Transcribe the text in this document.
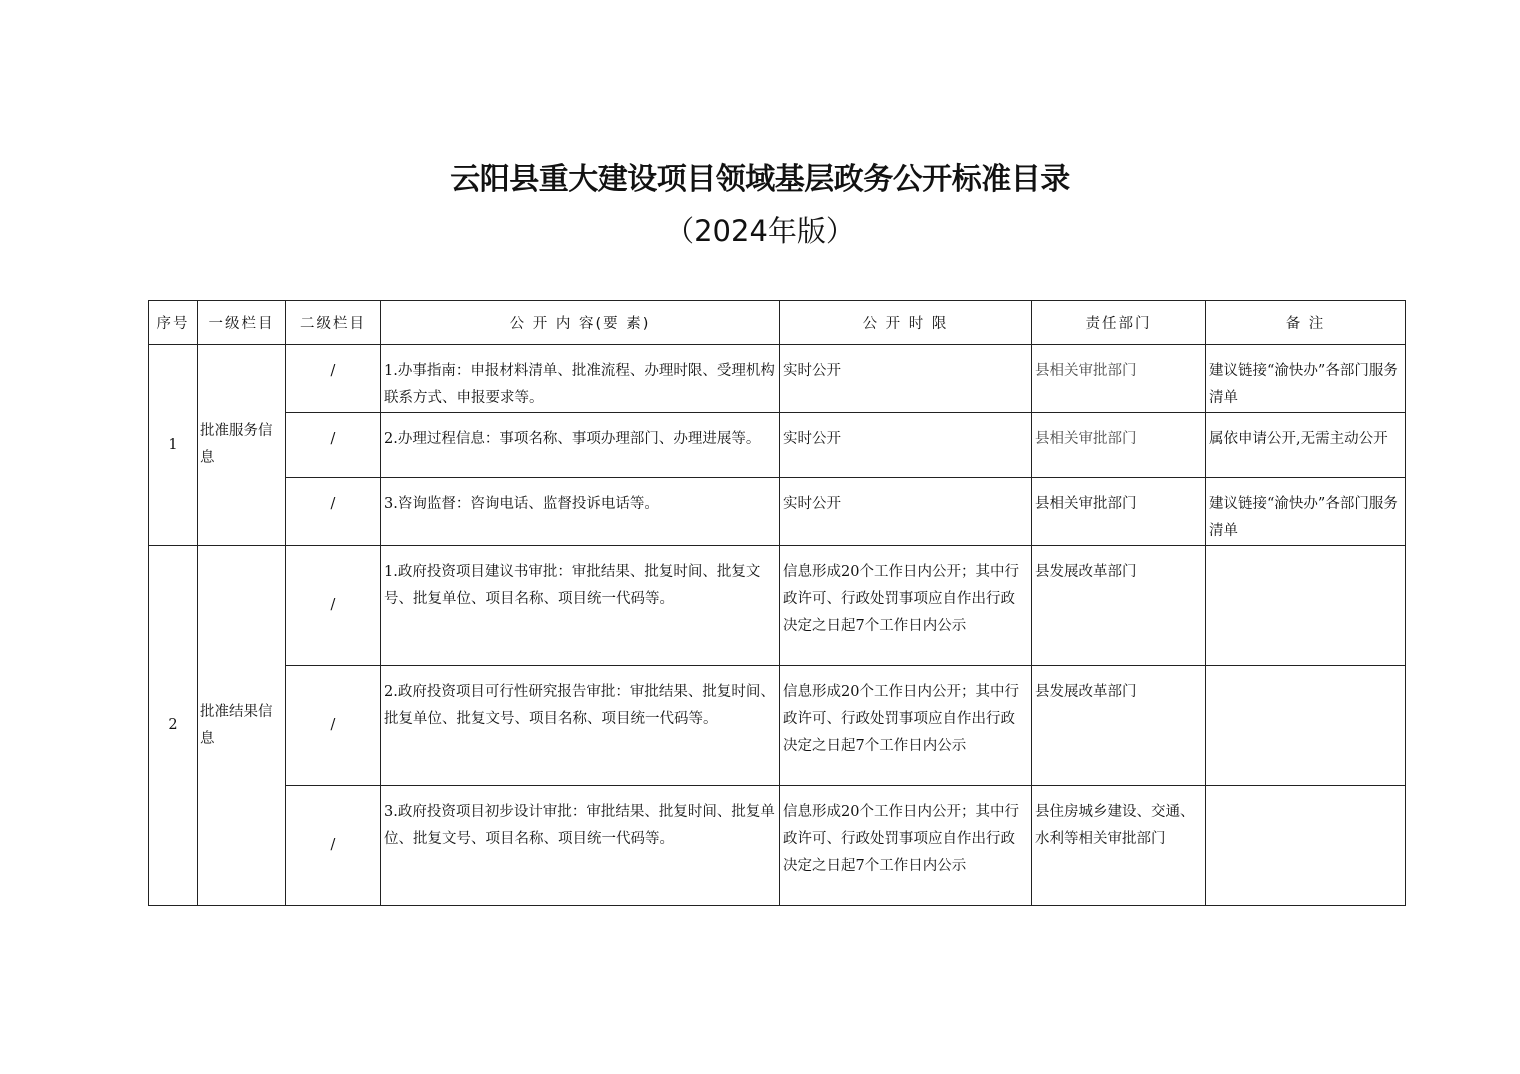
云阳县重大建设项目领域基层政务公开标准目录
（2024年版）
序号	一级栏目	二级栏目	公 开 内 容(要 素)	公 开 时 限	责任部门	备 注
1	批准服务信息	/	1.办事指南：申报材料清单、批准流程、办理时限、受理机构联系方式、申报要求等。	实时公开	县相关审批部门	建议链接“渝快办”各部门服务清单
		/	2.办理过程信息：事项名称、事项办理部门、办理进展等。	实时公开	县相关审批部门	属依申请公开,无需主动公开
		/	3.咨询监督：咨询电话、监督投诉电话等。	实时公开	县相关审批部门	建议链接“渝快办”各部门服务清单
2	批准结果信息	/	1.政府投资项目建议书审批：审批结果、批复时间、批复文号、批复单位、项目名称、项目统一代码等。	信息形成20个工作日内公开；其中行政许可、行政处罚事项应自作出行政决定之日起7个工作日内公示	县发展改革部门	
		/	2.政府投资项目可行性研究报告审批：审批结果、批复时间、批复单位、批复文号、项目名称、项目统一代码等。	信息形成20个工作日内公开；其中行政许可、行政处罚事项应自作出行政决定之日起7个工作日内公示	县发展改革部门	
		/	3.政府投资项目初步设计审批：审批结果、批复时间、批复单位、批复文号、项目名称、项目统一代码等。	信息形成20个工作日内公开；其中行政许可、行政处罚事项应自作出行政决定之日起7个工作日内公示	县住房城乡建设、交通、水利等相关审批部门	
